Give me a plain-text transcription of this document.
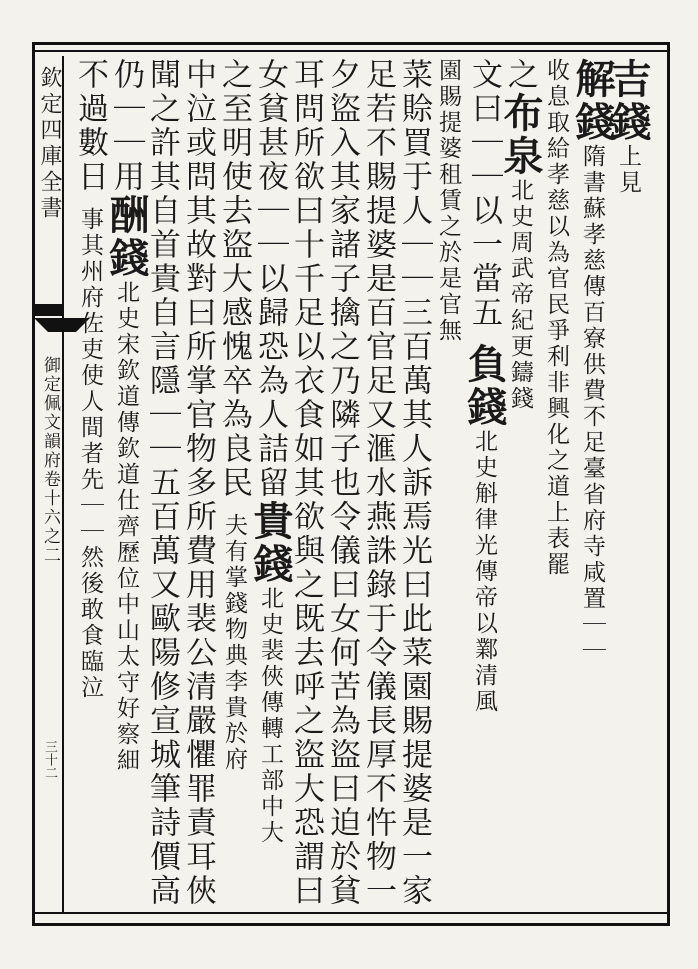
欽定四庫全書
御定佩文韻府卷十六之二
三十二
吉錢上見
解錢隋書蘇孝慈傳百寮供費不足臺省府寺咸置｜｜
收息取給孝慈以為官民爭利非興化之道上表罷
之布泉北史周武帝紀更鑄錢
文曰｜｜以一當五 負錢北史斛律光傳帝以鄴清風
園賜提婆租賃之於是官無
菜賒買于人｜｜三百萬其人訴焉光曰此菜園賜提婆是一家
足若不賜提婆是百官足又滙水燕誅錄于令儀長厚不忤物一
夕盜入其家諸子擒之乃隣子也令儀曰女何苦為盜曰迫於貧
耳問所欲曰十千足以衣食如其欲與之既去呼之盜大恐謂曰
女貧甚夜｜｜以歸恐為人詰留貴錢北史裴俠傳轉工部中大
之至明使去盜大感愧卒為良民 夫有掌錢物典李貴於府
中泣或問其故對曰所掌官物多所費用裴公清嚴懼罪責耳俠
聞之許其自首貴自言隱｜｜五百萬又歐陽修宣城筆詩價高
仍｜｜用酬錢北史宋欽道傳欽道仕齊歷位中山太守好察細
不過數日 事其州府佐吏使人間者先｜｜然後敢食臨泣
